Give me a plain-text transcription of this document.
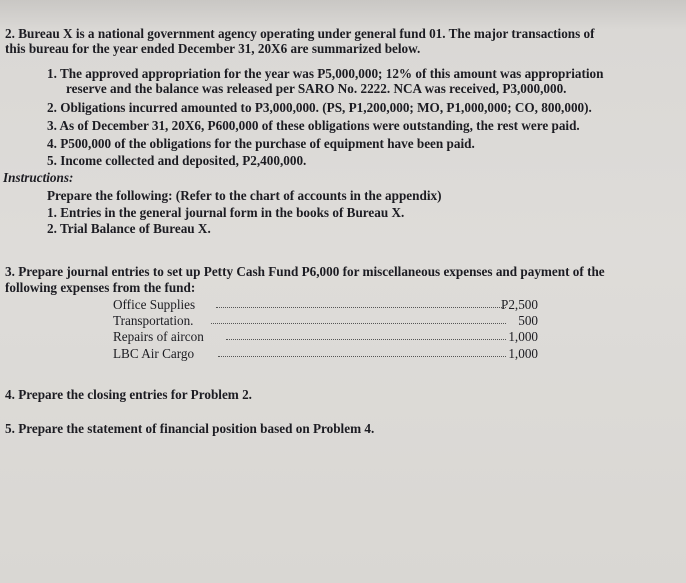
2. Bureau X is a national government agency operating under general fund 01. The major transactions of
this bureau for the year ended December 31, 20X6 are summarized below.
1. The approved appropriation for the year was P5,000,000; 12% of this amount was appropriation
reserve and the balance was released per SARO No. 2222. NCA was received, P3,000,000.
2. Obligations incurred amounted to P3,000,000. (PS, P1,200,000; MO, P1,000,000; CO, 800,000).
3. As of December 31, 20X6, P600,000 of these obligations were outstanding, the rest were paid.
4. P500,000 of the obligations for the purchase of equipment have been paid.
5. Income collected and deposited, P2,400,000.
Instructions:
Prepare the following: (Refer to the chart of accounts in the appendix)
1. Entries in the general journal form in the books of Bureau X.
2. Trial Balance of Bureau X.
3. Prepare journal entries to set up Petty Cash Fund P6,000 for miscellaneous expenses and payment of the
following expenses from the fund:
Office Supplies	P2,500
Transportation.	500
Repairs of aircon	1,000
LBC Air Cargo	1,000
4. Prepare the closing entries for Problem 2.
5. Prepare the statement of financial position based on Problem 4.
